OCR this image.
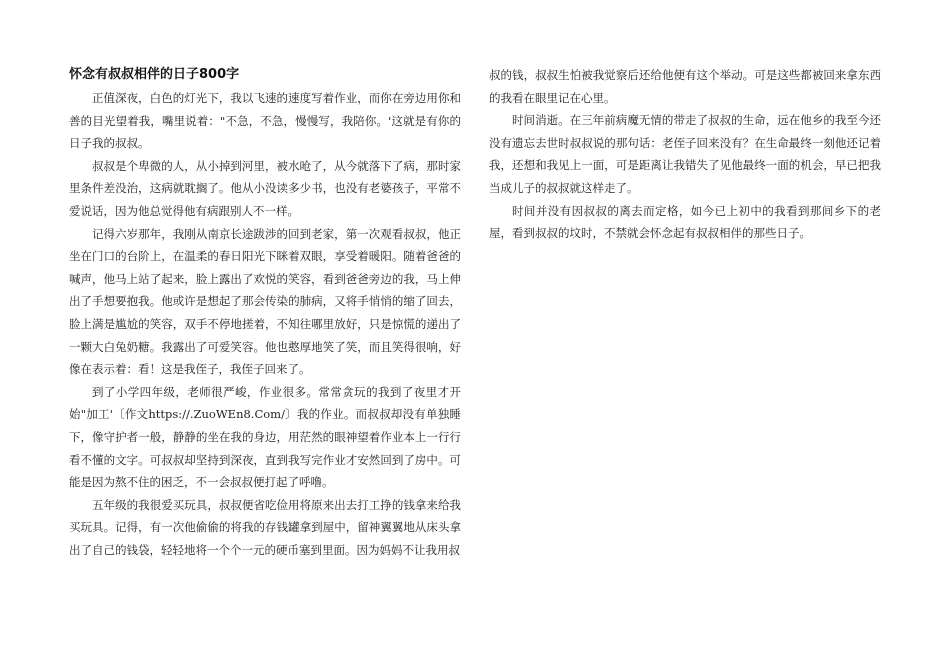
怀念有叔叔相伴的日子800字

正值深夜，白色的灯光下，我以飞速的速度写着作业，而你在旁边用你和善的目光望着我，嘴里说着："不急，不急，慢慢写，我陪你。'这就是有你的日子我的叔叔。

叔叔是个卑微的人，从小掉到河里，被水呛了，从今就落下了病，那时家里条件差没治，这病就耽搁了。他从小没读多少书，也没有老婆孩子，平常不爱说话，因为他总觉得他有病跟别人不一样。

记得六岁那年，我刚从南京长途跋涉的回到老家，第一次观看叔叔，他正坐在门口的台阶上，在温柔的春日阳光下眯着双眼，享受着暖阳。随着爸爸的喊声，他马上站了起来，脸上露出了欢悦的笑容，看到爸爸旁边的我，马上伸出了手想要抱我。他或许是想起了那会传染的肺病，又将手悄悄的缩了回去，脸上满是尴尬的笑容，双手不停地搓着，不知往哪里放好，只是惊慌的递出了一颗大白兔奶糖。我露出了可爱笑容。他也憨厚地笑了笑，而且笑得很响，好像在表示着：看！这是我侄子，我侄子回来了。

到了小学四年级，老师很严峻，作业很多。常常贪玩的我到了夜里才开始"加工'〔作文https://.ZuoWEn8.Com/〕我的作业。而叔叔却没有单独睡下，像守护者一般，静静的坐在我的身边，用茫然的眼神望着作业本上一行行看不懂的文字。可叔叔却坚持到深夜，直到我写完作业才安然回到了房中。可能是因为熬不住的困乏，不一会叔叔便打起了呼噜。

五年级的我很爱买玩具，叔叔便省吃俭用将原来出去打工挣的钱拿来给我买玩具。记得，有一次他偷偷的将我的存钱罐拿到屋中，留神翼翼地从床头拿出了自己的钱袋，轻轻地将一个个一元的硬币塞到里面。因为妈妈不让我用叔

叔的钱，叔叔生怕被我觉察后还给他便有这个举动。可是这些都被回来拿东西的我看在眼里记在心里。

时间消逝。在三年前病魔无情的带走了叔叔的生命，远在他乡的我至今还没有遗忘去世时叔叔说的那句话：老侄子回来没有？在生命最终一刻他还记着我，还想和我见上一面，可是距离让我错失了见他最终一面的机会，早已把我当成儿子的叔叔就这样走了。

时间并没有因叔叔的离去而定格，如今已上初中的我看到那间乡下的老屋，看到叔叔的坟时，不禁就会怀念起有叔叔相伴的那些日子。
